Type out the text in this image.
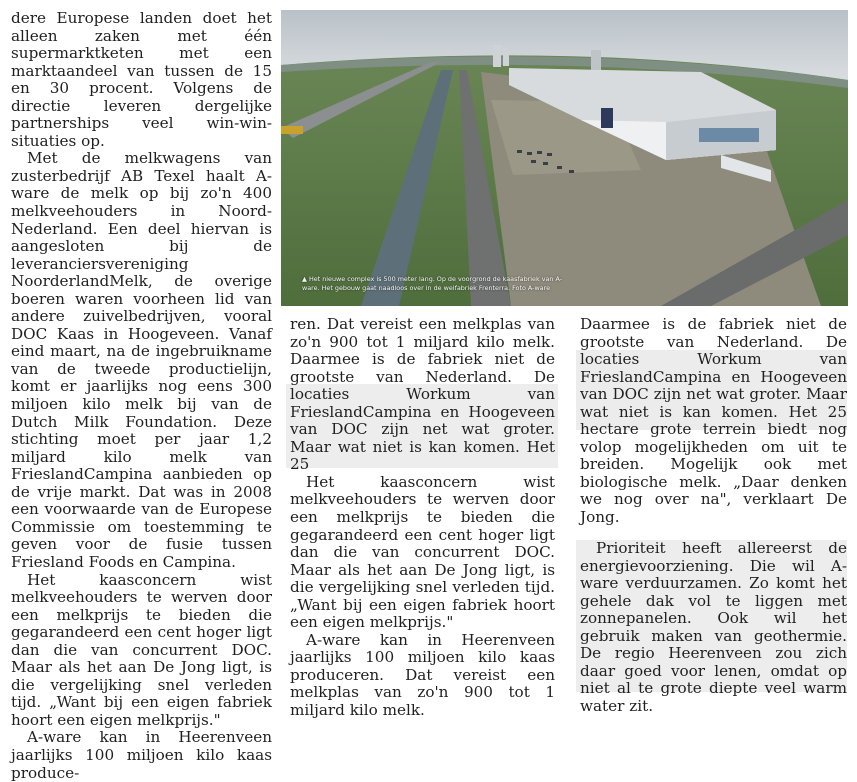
dere Europese landen doet het alleen zaken met één supermarktketen met een marktaandeel van tussen de 15 en 30 procent. Volgens de directie leveren dergelijke partnerships veel win-win-situaties op.

Met de melkwagens van zusterbedrijf AB Texel haalt A-ware de melk op bij zo'n 400 melkveehouders in Noord-Nederland. Een deel hiervan is aangesloten bij de leveranciersvereniging NoorderlandMelk, de overige boeren waren voorheen lid van andere zuivelbedrijven, vooral DOC Kaas in Hoogeveen. Vanaf eind maart, na de ingebruikname van de tweede productielijn, komt er jaarlijks nog eens 300 miljoen kilo melk bij van de Dutch Milk Foundation. Deze stichting moet per jaar 1,2 miljard kilo melk van FrieslandCampina aanbieden op de vrije markt. Dat was in 2008 een voorwaarde van de Europese Commissie om toestemming te geven voor de fusie tussen Friesland Foods en Campina.

Het kaasconcern wist melkveehouders te werven door een melkprijs te bieden die gegarandeerd een cent hoger ligt dan die van concurrent DOC. Maar als het aan De Jong ligt, is die vergelijking snel verleden tijd. „Want bij een eigen fabriek hoort een eigen melkprijs."

A-ware kan in Heerenveen jaarlijks 100 miljoen kilo kaas produce-

▲ Het nieuwe complex is 500 meter lang. Op de voorgrond de kaasfabriek van A-ware. Het gebouw gaat naadloos over in de weifabriek Frenterra. Foto A-ware

ren. Dat vereist een melkplas van zo'n 900 tot 1 miljard kilo melk. Daarmee is de fabriek niet de grootste van Nederland. De locaties Workum van FrieslandCampina en Hoogeveen van DOC zijn net wat groter. Maar wat niet is kan komen. Het 25

Het kaasconcern wist melkveehouders te werven door een melkprijs te bieden die gegarandeerd een cent hoger ligt dan die van concurrent DOC. Maar als het aan De Jong ligt, is die vergelijking snel verleden tijd. „Want bij een eigen fabriek hoort een eigen melkprijs."

A-ware kan in Heerenveen jaarlijks 100 miljoen kilo kaas produceren. Dat vereist een melkplas van zo'n 900 tot 1 miljard kilo melk.

Daarmee is de fabriek niet de grootste van Nederland. De locaties Workum van FrieslandCampina en Hoogeveen van DOC zijn net wat groter. Maar wat niet is kan komen. Het 25 hectare grote terrein biedt nog volop mogelijkheden om uit te breiden. Mogelijk ook met biologische melk. „Daar denken we nog over na", verklaart De Jong.

Prioriteit heeft allereerst de energievoorziening. Die wil A-ware verduurzamen. Zo komt het gehele dak vol te liggen met zonnepanelen. Ook wil het gebruik maken van geothermie. De regio Heerenveen zou zich daar goed voor lenen, omdat op niet al te grote diepte veel warm water zit.
